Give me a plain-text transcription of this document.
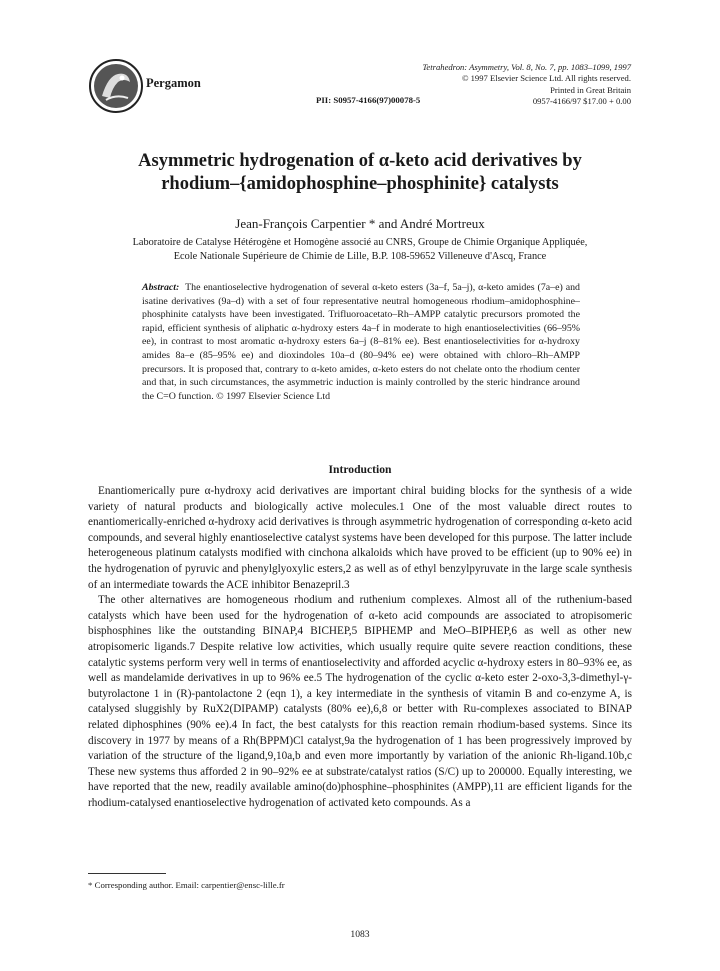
Pergamon
Tetrahedron: Asymmetry, Vol. 8, No. 7, pp. 1083–1099, 1997
© 1997 Elsevier Science Ltd. All rights reserved.
Printed in Great Britain
0957-4166/97 $17.00 + 0.00
PII: S0957-4166(97)00078-5
Asymmetric hydrogenation of α-keto acid derivatives by
rhodium–{amidophosphine–phosphinite} catalysts
Jean-François Carpentier * and André Mortreux
Laboratoire de Catalyse Hétérogène et Homogène associé au CNRS, Groupe de Chimie Organique Appliquée,
Ecole Nationale Supérieure de Chimie de Lille, B.P. 108-59652 Villeneuve d'Ascq, France
Abstract: The enantioselective hydrogenation of several α-keto esters (3a–f, 5a–j), α-keto amides (7a–e) and isatine derivatives (9a–d) with a set of four representative neutral homogeneous rhodium–amidophosphine–phosphinite catalysts have been investigated. Trifluoroacetato–Rh–AMPP catalytic precursors promoted the rapid, efficient synthesis of aliphatic α-hydroxy esters 4a–f in moderate to high enantioselectivities (66–95% ee), in contrast to most aromatic α-hydroxy esters 6a–j (8–81% ee). Best enantioselectivities for α-hydroxy amides 8a–e (85–95% ee) and dioxindoles 10a–d (80–94% ee) were obtained with chloro–Rh–AMPP precursors. It is proposed that, contrary to α-keto amides, α-keto esters do not chelate onto the rhodium center and that, in such circumstances, the asymmetric induction is mainly controlled by the steric hindrance around the C=O function. © 1997 Elsevier Science Ltd
Introduction

Enantiomerically pure α-hydroxy acid derivatives are important chiral buiding blocks for the synthesis of a wide variety of natural products and biologically active molecules.1 One of the most valuable direct routes to enantiomerically-enriched α-hydroxy acid derivatives is through asymmetric hydrogenation of corresponding α-keto acid compounds, and several highly enantioselective catalyst systems have been developed for this purpose. The latter include heterogeneous platinum catalysts modified with cinchona alkaloids which have proved to be efficient (up to 90% ee) in the hydrogenation of pyruvic and phenylglyoxylic esters,2 as well as of ethyl benzylpyruvate in the large scale synthesis of an intermediate towards the ACE inhibitor Benazepril.3

The other alternatives are homogeneous rhodium and ruthenium complexes. Almost all of the ruthenium-based catalysts which have been used for the hydrogenation of α-keto acid compounds are associated to atropisomeric bisphosphines like the outstanding BINAP,4 BICHEP,5 BIPHEMP and MeO–BIPHEP,6 as well as other new atropisomeric ligands.7 Despite relative low activities, which usually require quite severe reaction conditions, these catalytic systems perform very well in terms of enantioselectivity and afforded acyclic α-hydroxy esters in 80–93% ee, as well as mandelamide derivatives in up to 96% ee.5 The hydrogenation of the cyclic α-keto ester 2-oxo-3,3-dimethyl-γ-butyrolactone 1 in (R)-pantolactone 2 (eqn 1), a key intermediate in the synthesis of vitamin B and co-enzyme A, is catalysed sluggishly by RuX2(DIPAMP) catalysts (80% ee),6,8 or better with Ru-complexes associated to BINAP related diphosphines (90% ee).4 In fact, the best catalysts for this reaction remain rhodium-based systems. Since its discovery in 1977 by means of a Rh(BPPM)Cl catalyst,9a the hydrogenation of 1 has been progressively improved by variation of the structure of the ligand,9,10a,b and even more importantly by variation of the anionic Rh-ligand.10b,c These new systems thus afforded 2 in 90–92% ee at substrate/catalyst ratios (S/C) up to 200000. Equally interesting, we have reported that the new, readily available amino(do)phosphine–phosphinites (AMPP),11 are efficient ligands for the rhodium-catalysed enantioselective hydrogenation of activated keto compounds. As a

* Corresponding author. Email: carpentier@ensc-lille.fr
1083
